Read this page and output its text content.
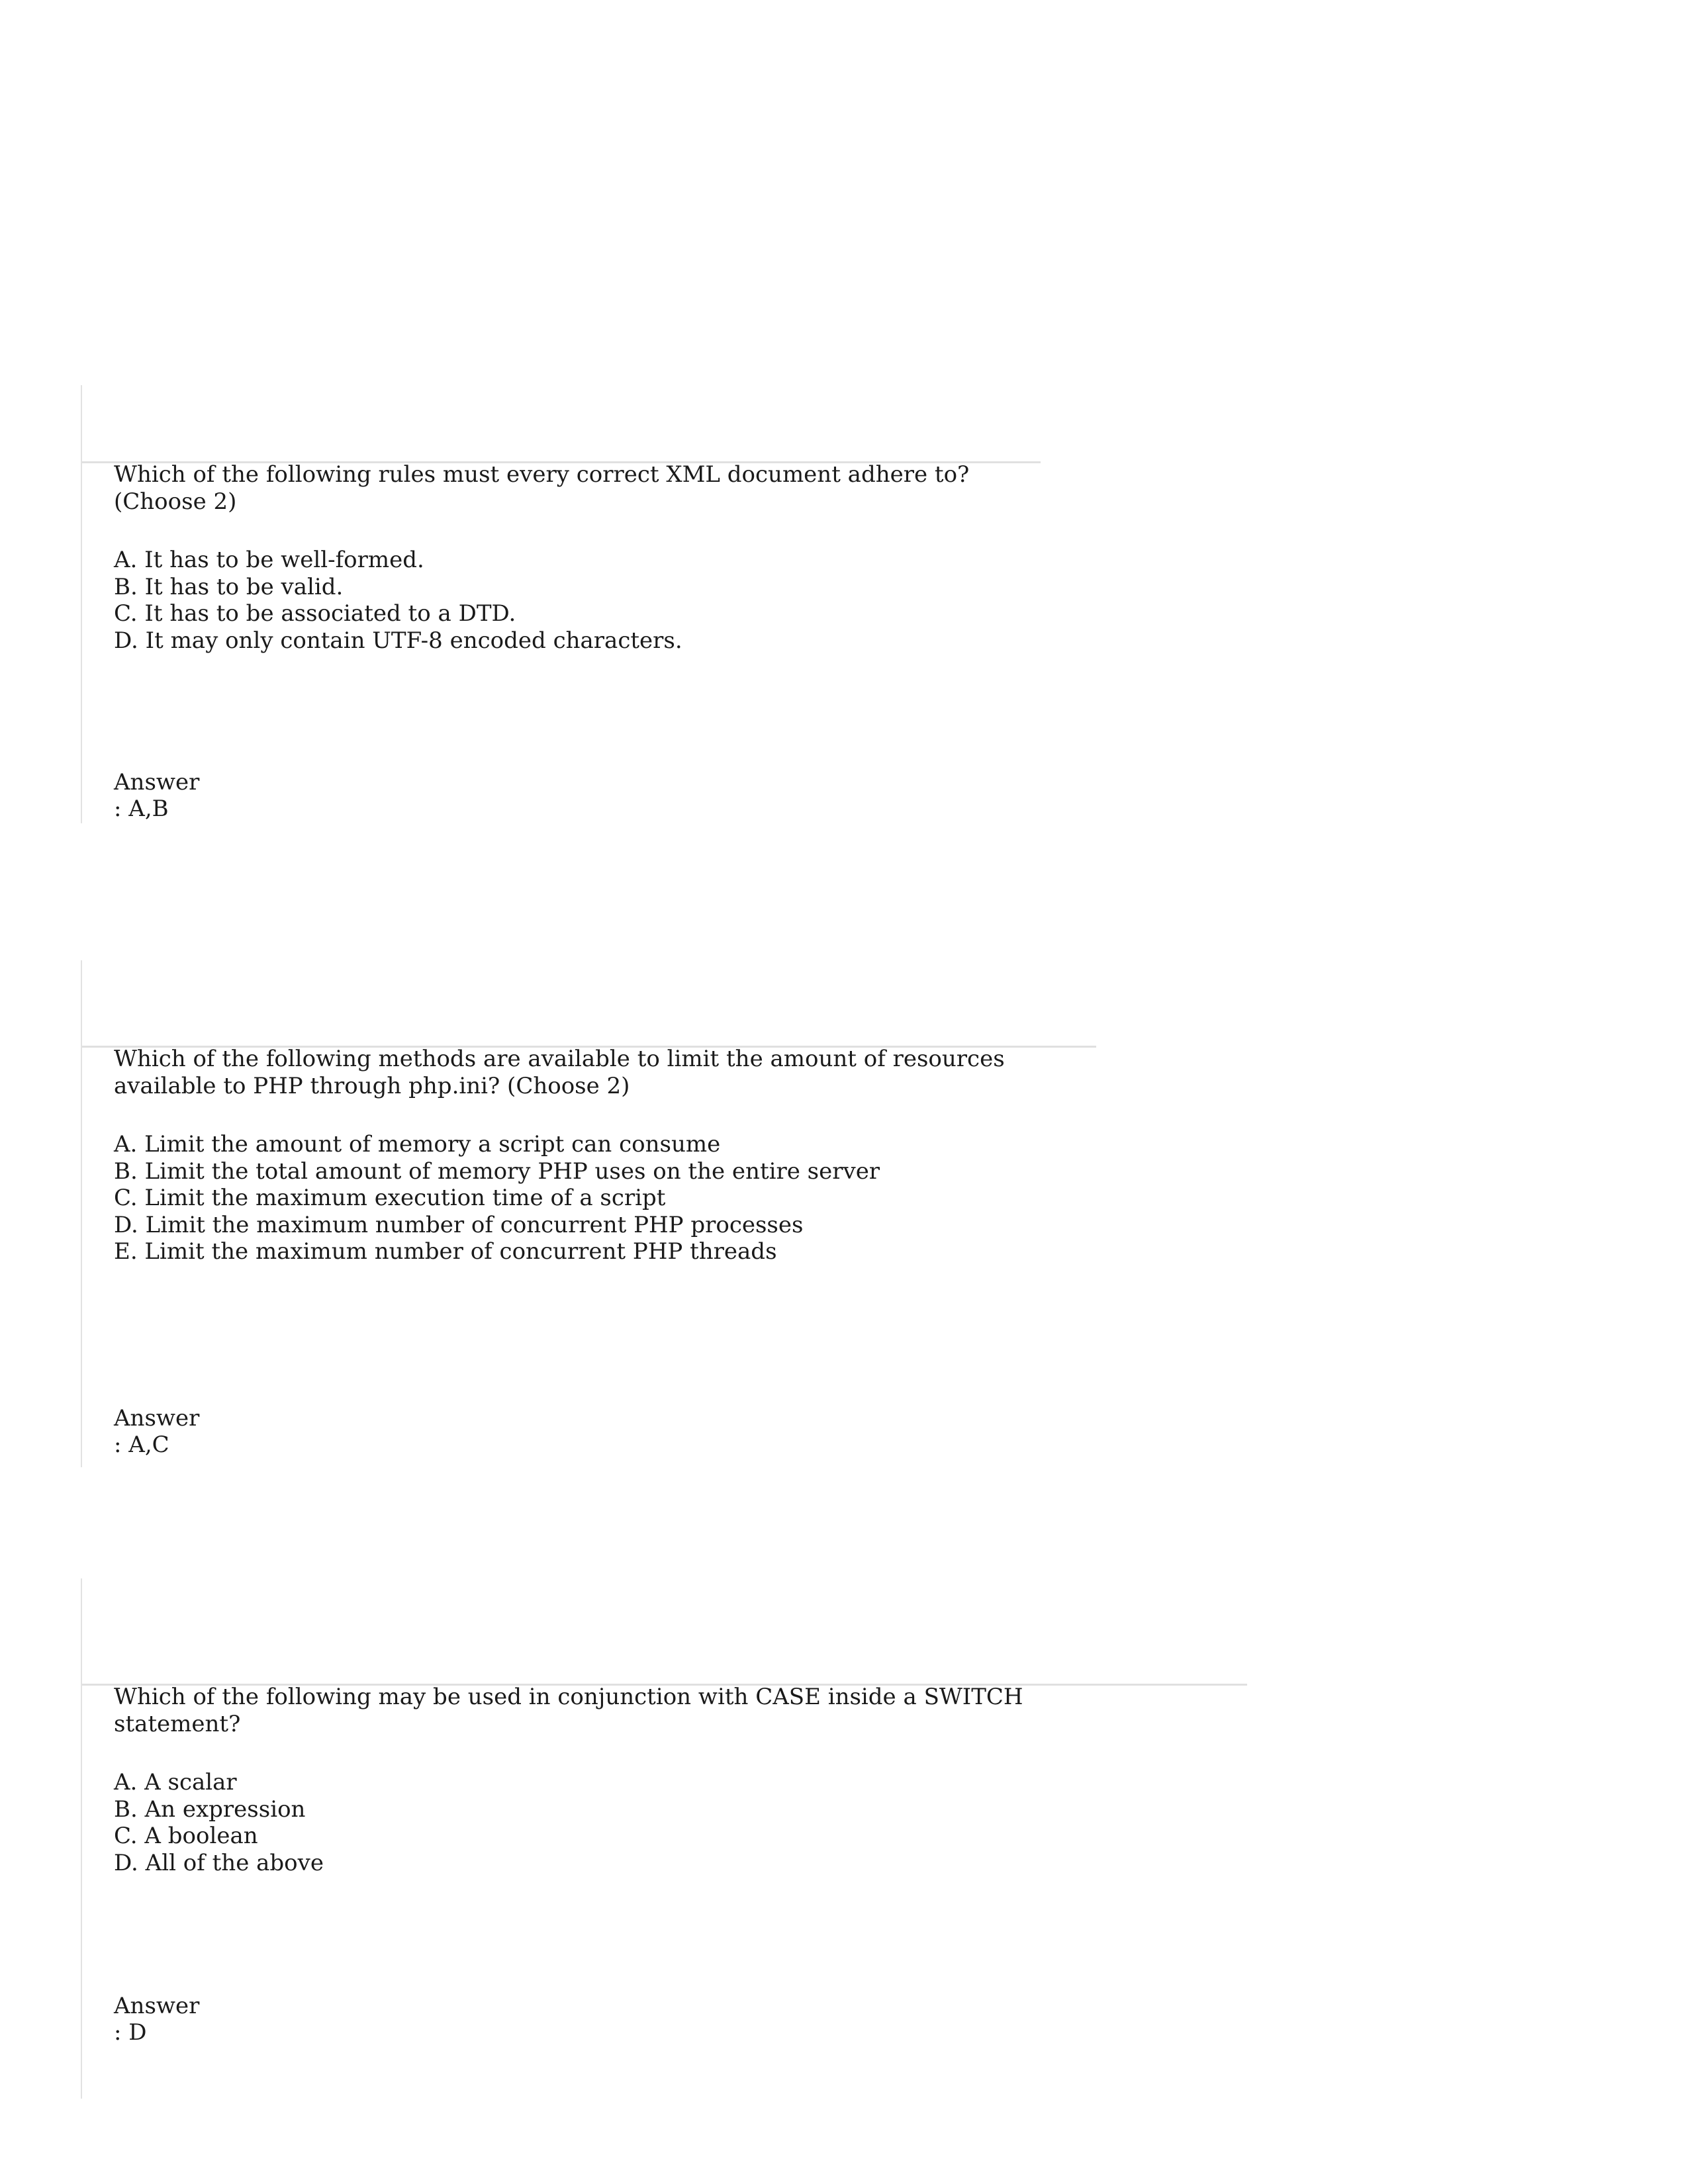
Which of the following rules must every correct XML document adhere to? (Choose 2)

A. It has to be well-formed.
B. It has to be valid.
C. It has to be associated to a DTD.
D. It may only contain UTF-8 encoded characters.
Answer : A,B

Which of the following methods are available to limit the amount of resources available to PHP through php.ini? (Choose 2)

A. Limit the amount of memory a script can consume
B. Limit the total amount of memory PHP uses on the entire server
C. Limit the maximum execution time of a script
D. Limit the maximum number of concurrent PHP processes
E. Limit the maximum number of concurrent PHP threads
Answer : A,C

Which of the following may be used in conjunction with CASE inside a SWITCH statement?

A. A scalar
B. An expression
C. A boolean
D. All of the above
Answer : D
